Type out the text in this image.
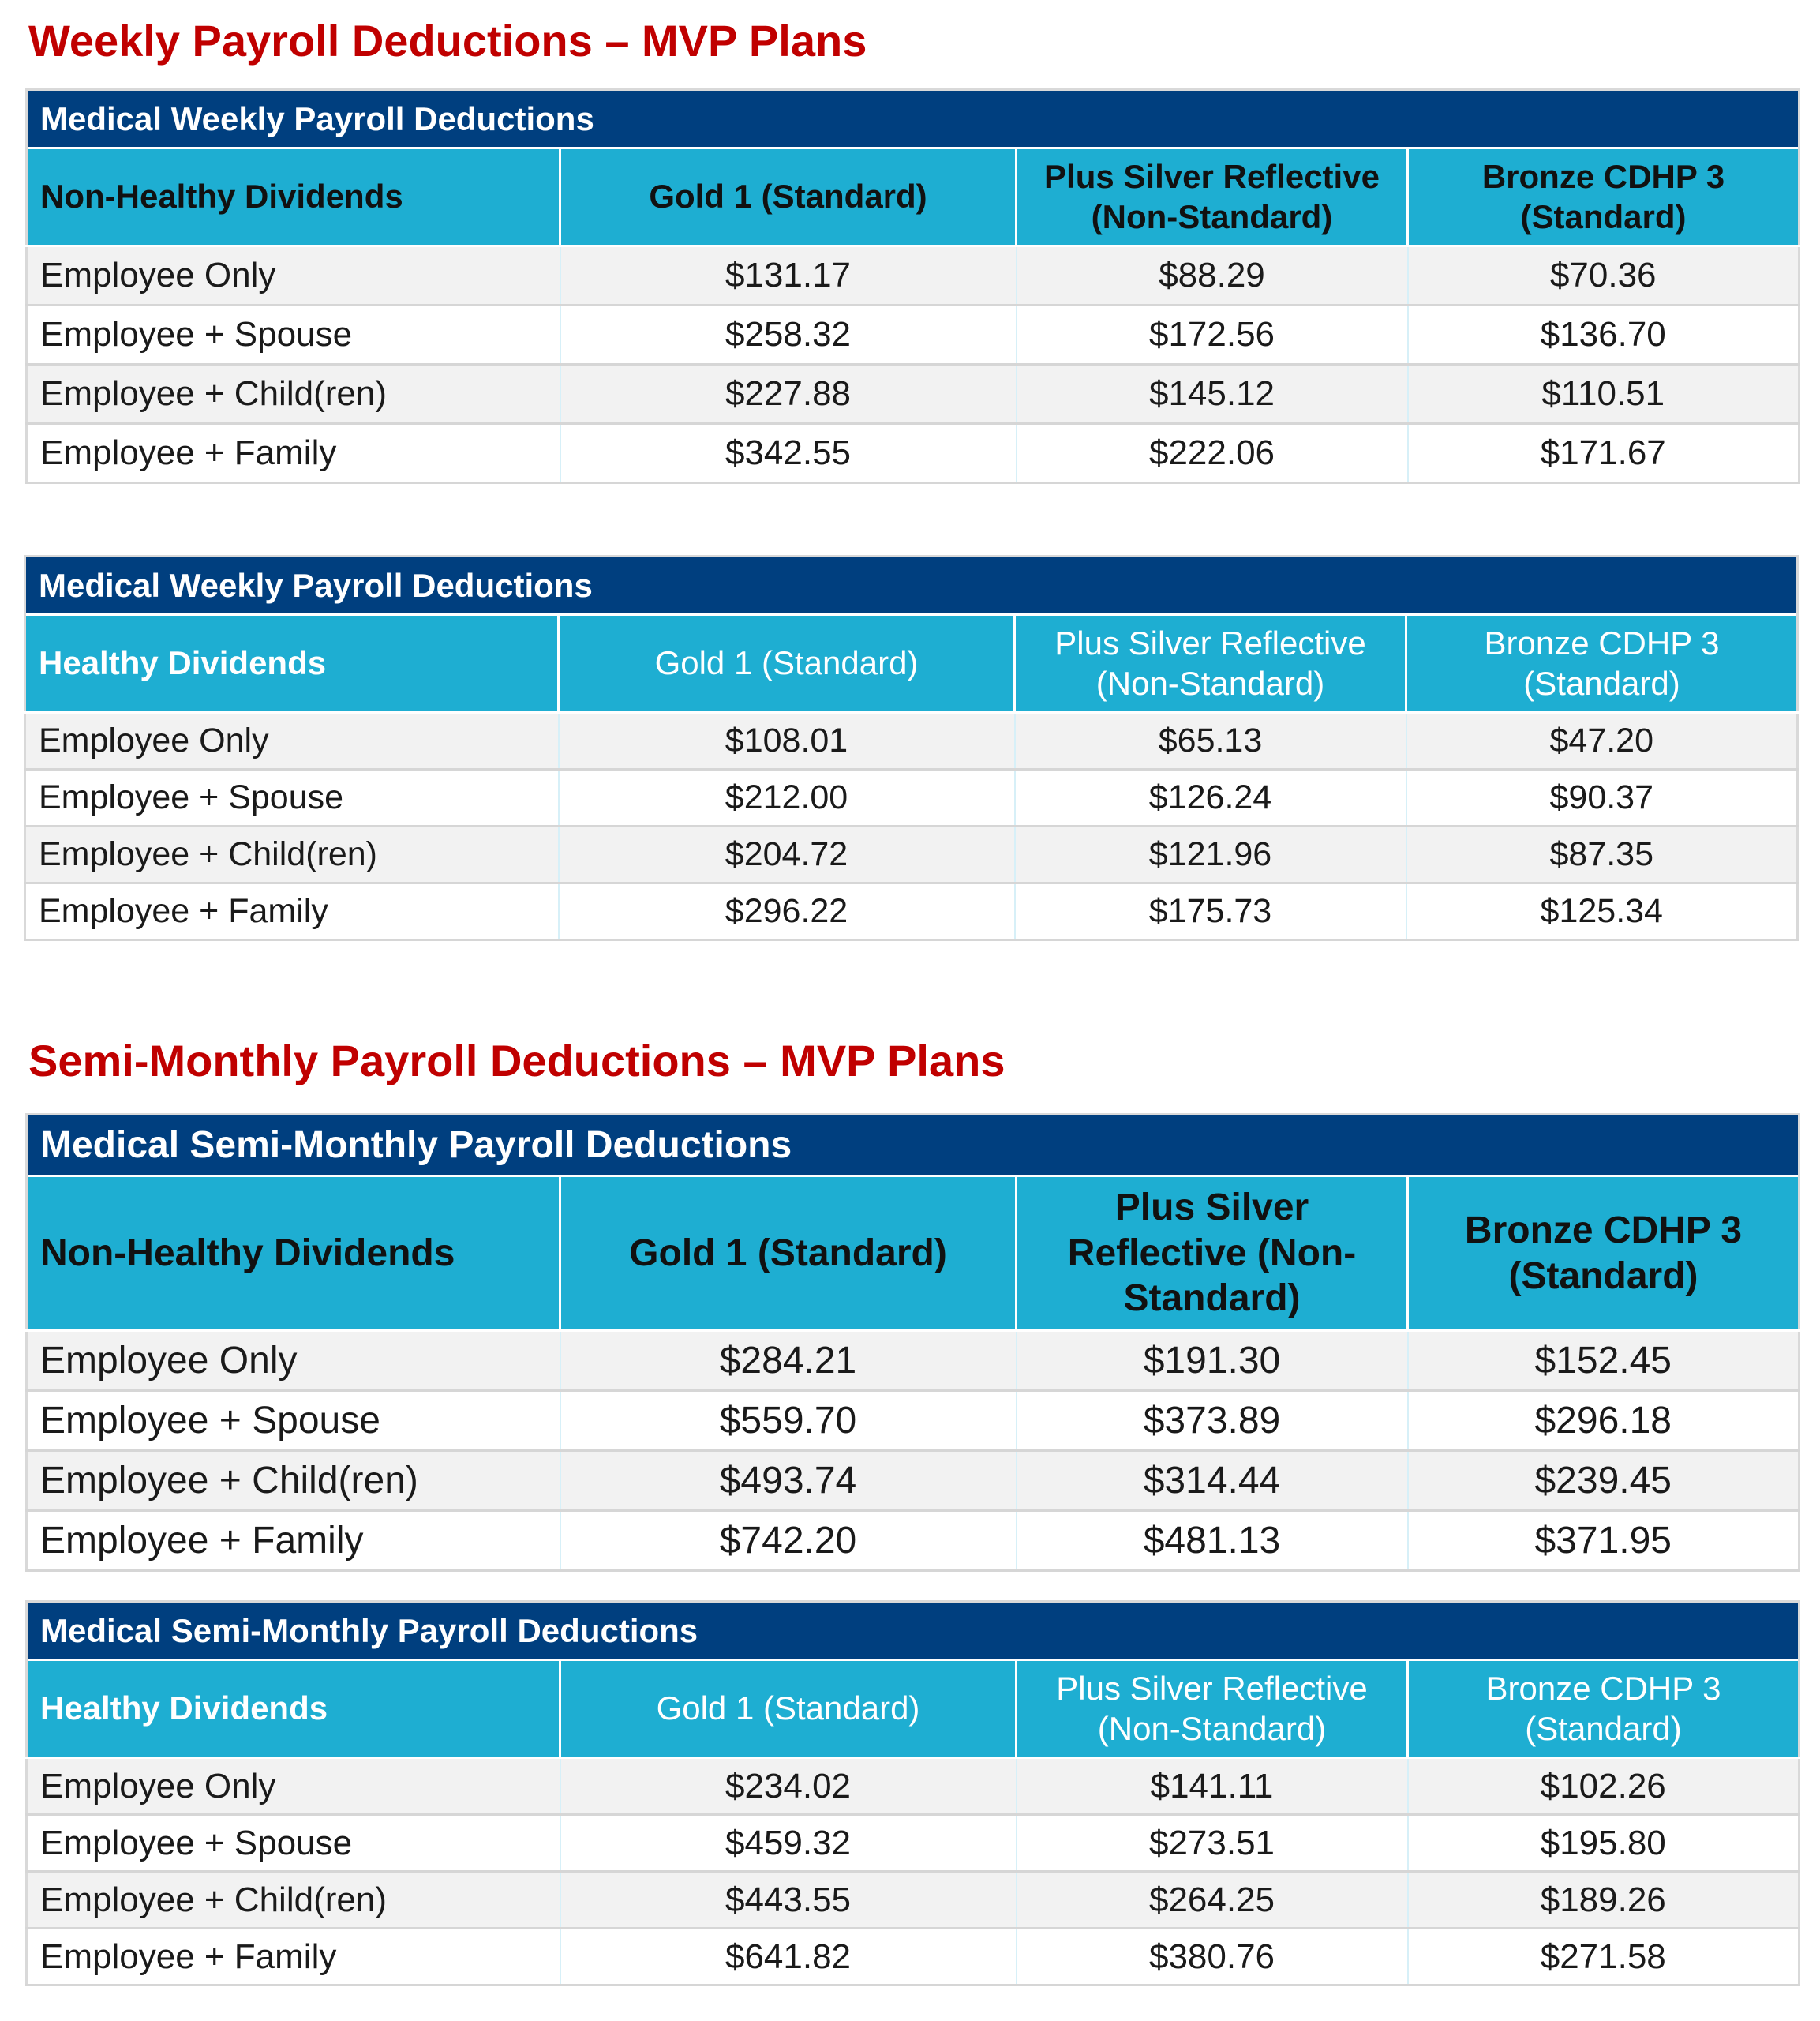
Weekly Payroll Deductions – MVP Plans
Medical Weekly Payroll Deductions			
Non-Healthy Dividends	Gold 1 (Standard)	Plus Silver Reflective (Non-Standard)	Bronze CDHP 3 (Standard)
Employee Only	$131.17	$88.29	$70.36
Employee + Spouse	$258.32	$172.56	$136.70
Employee + Child(ren)	$227.88	$145.12	$110.51
Employee + Family	$342.55	$222.06	$171.67
Medical Weekly Payroll Deductions			
Healthy Dividends	Gold 1 (Standard)	Plus Silver Reflective (Non-Standard)	Bronze CDHP 3 (Standard)
Employee Only	$108.01	$65.13	$47.20
Employee + Spouse	$212.00	$126.24	$90.37
Employee + Child(ren)	$204.72	$121.96	$87.35
Employee + Family	$296.22	$175.73	$125.34
Semi-Monthly Payroll Deductions – MVP Plans
Medical Semi-Monthly Payroll Deductions			
Non-Healthy Dividends	Gold 1 (Standard)	Plus Silver Reflective (Non-Standard)	Bronze CDHP 3 (Standard)
Employee Only	$284.21	$191.30	$152.45
Employee + Spouse	$559.70	$373.89	$296.18
Employee + Child(ren)	$493.74	$314.44	$239.45
Employee + Family	$742.20	$481.13	$371.95
Medical Semi-Monthly Payroll Deductions			
Healthy Dividends	Gold 1 (Standard)	Plus Silver Reflective (Non-Standard)	Bronze CDHP 3 (Standard)
Employee Only	$234.02	$141.11	$102.26
Employee + Spouse	$459.32	$273.51	$195.80
Employee + Child(ren)	$443.55	$264.25	$189.26
Employee + Family	$641.82	$380.76	$271.58
